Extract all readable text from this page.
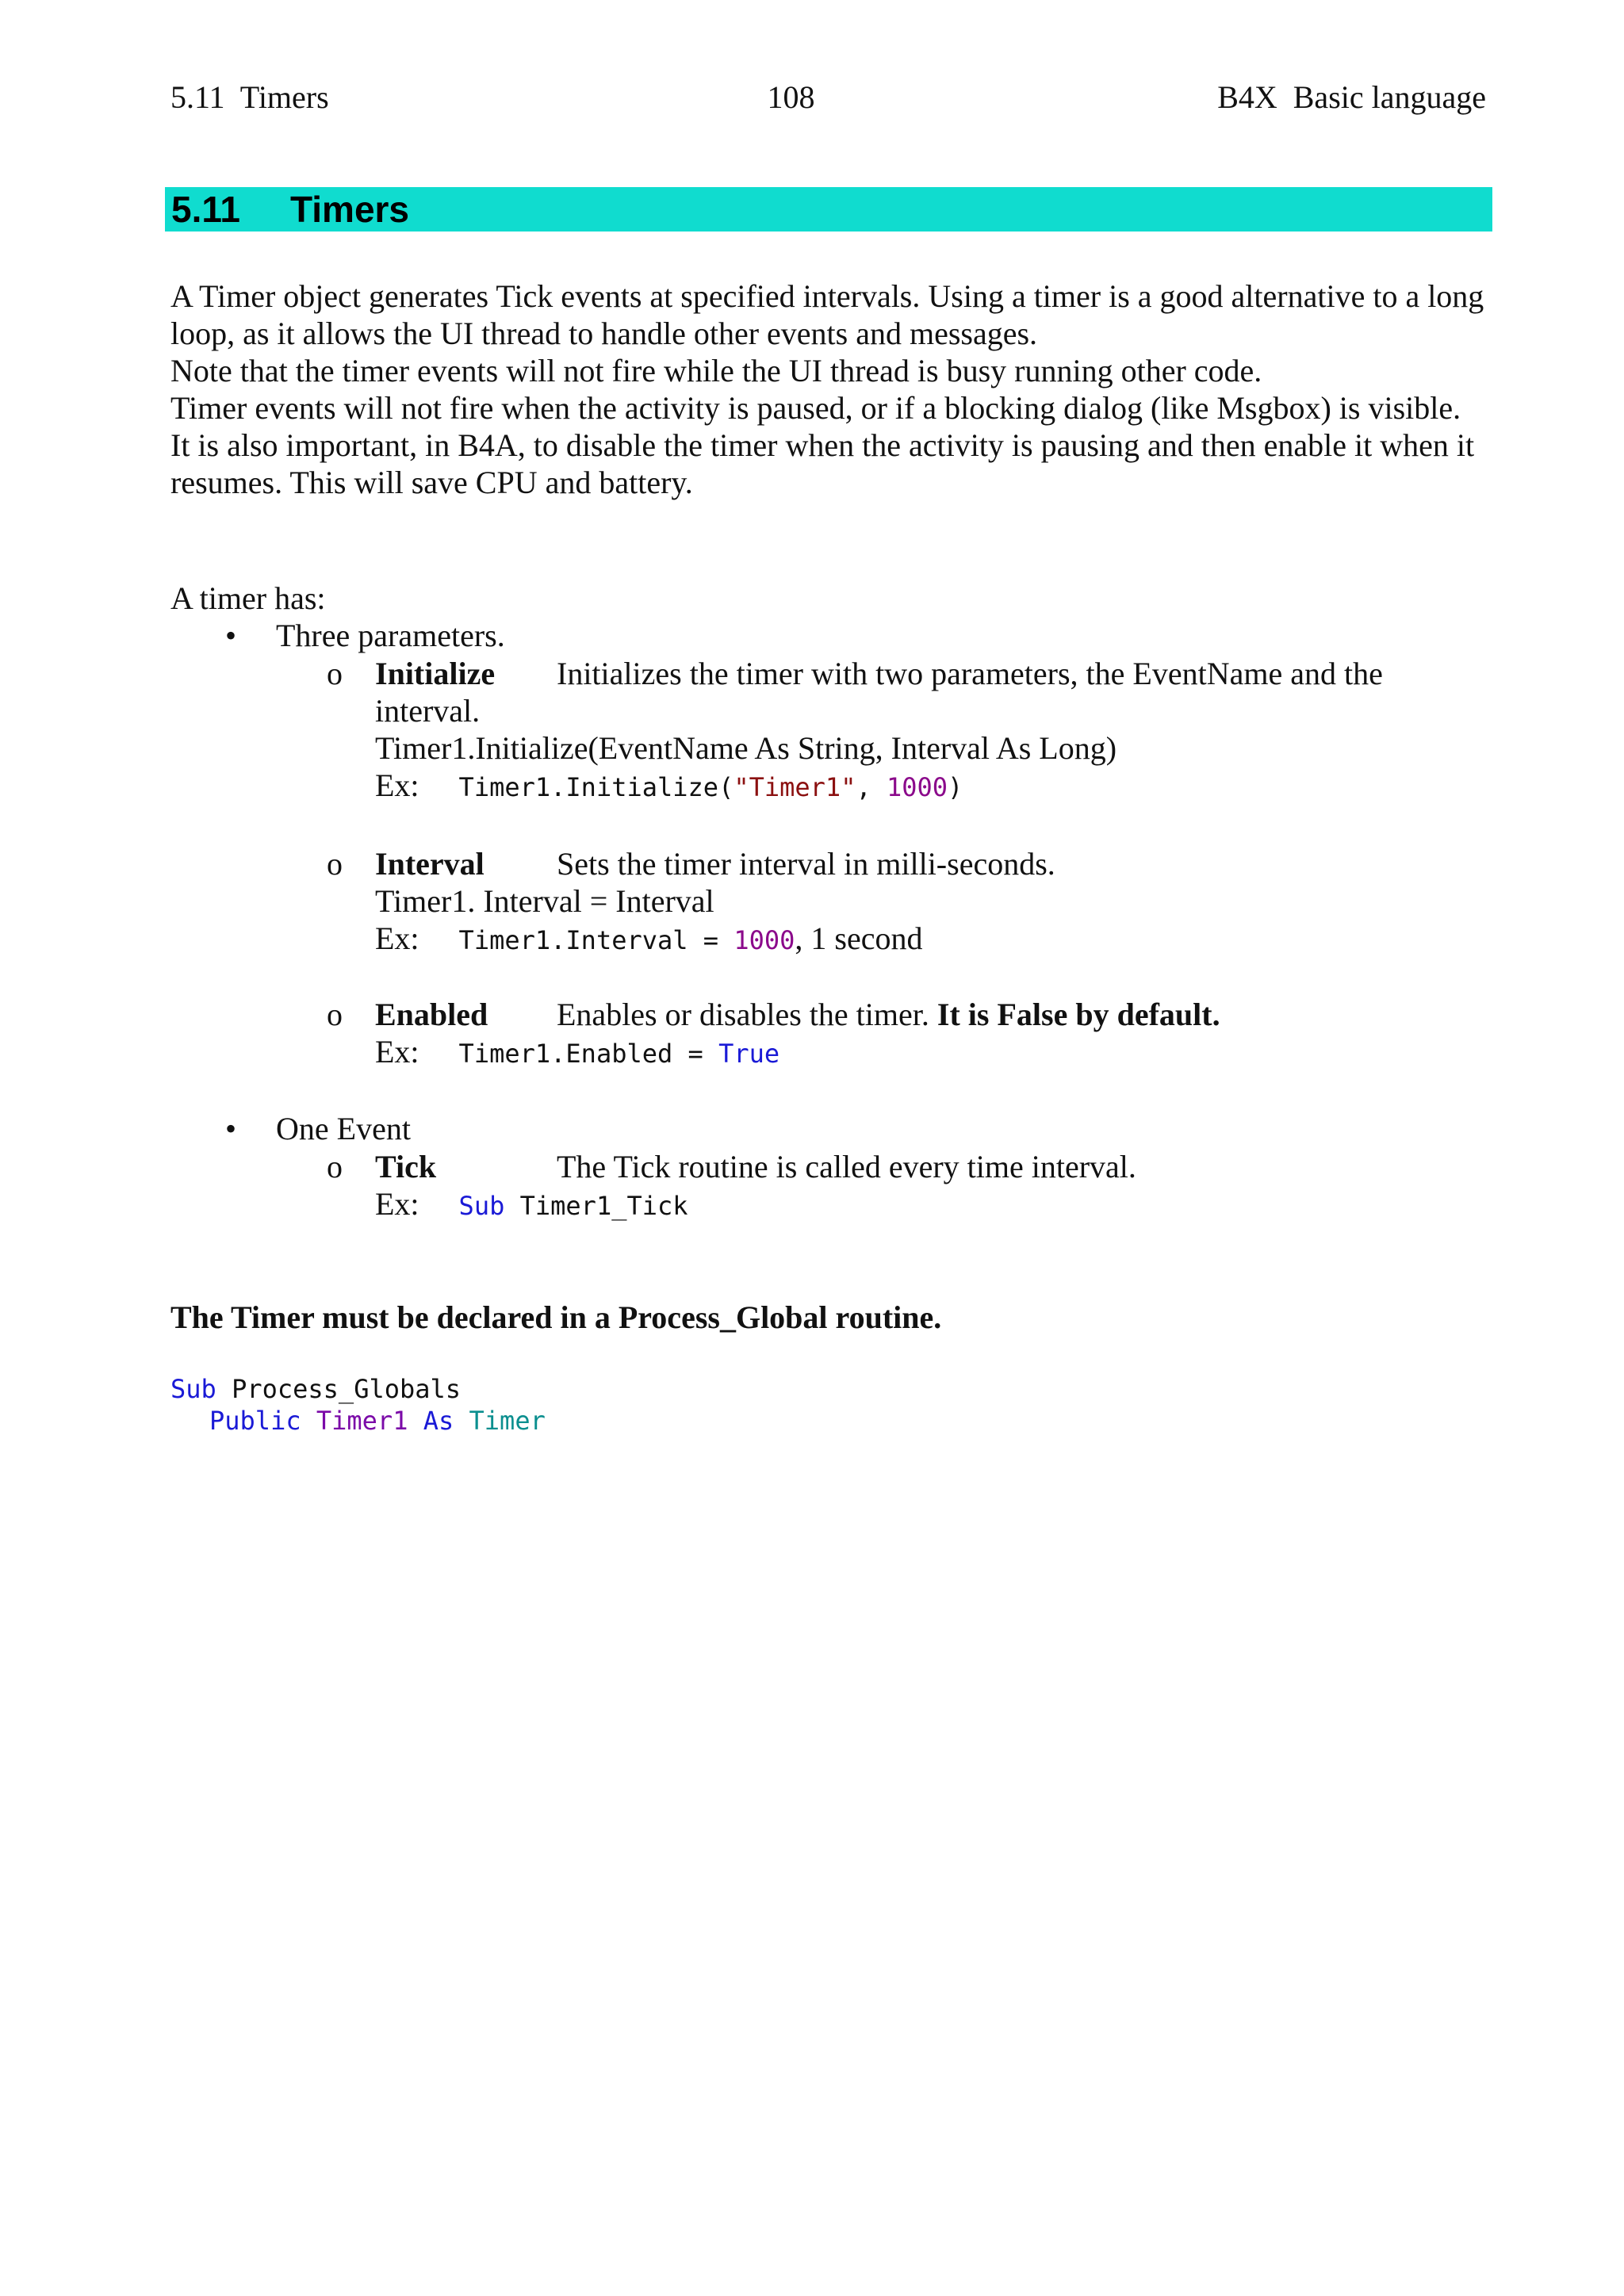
5.11  Timers	108	B4X  Basic language

5.11

Timers

A Timer object generates Tick events at specified intervals. Using a timer is a good alternative to a long loop, as it allows the UI thread to handle other events and messages.

Note that the timer events will not fire while the UI thread is busy running other code.

Timer events will not fire when the activity is paused, or if a blocking dialog (like Msgbox) is visible.

It is also important, in B4A, to disable the timer when the activity is pausing and then enable it when it resumes. This will save CPU and battery.

A timer has:
• Three parameters.
o Initialize Initializes the timer with two parameters, the EventName and the
interval.
Timer1.Initialize(EventName As String, Interval As Long)
Ex: Timer1.Initialize("Timer1", 1000)
o Interval Sets the timer interval in milli-seconds.
Timer1. Interval = Interval
Ex: Timer1.Interval = 1000, 1 second
o Enabled Enables or disables the timer. It is False by default.
Ex: Timer1.Enabled = True
• One Event
o Tick	The Tick routine is called every time interval.
Ex: Sub Timer1_Tick
The Timer must be declared in a Process_Global routine.
Sub Process_Globals
Public Timer1 As Timer
